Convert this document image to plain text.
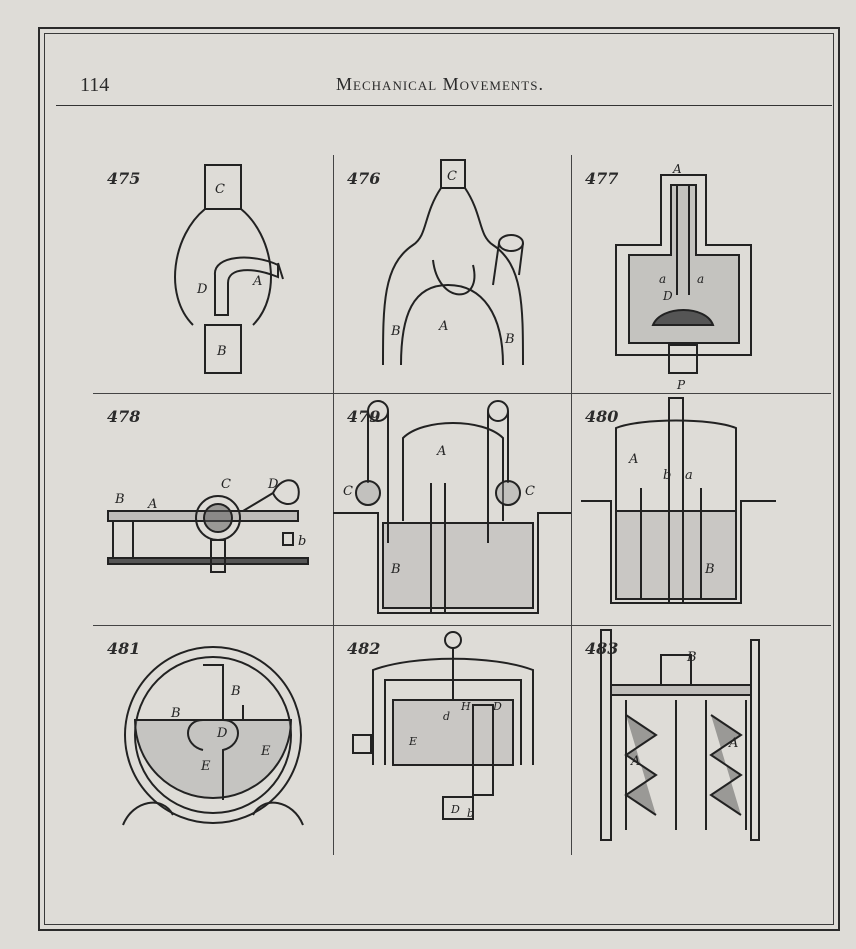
114	Mechanical Movements.
475
C
D
A
B
476	C
B	A
B
477	A
a	a
D
P
478
B A
C	D
b
479
A
C	C
B
480
A
b a
B
481
B
B
E
E
D
482
d
H D
E
D b
483	B
A
A
